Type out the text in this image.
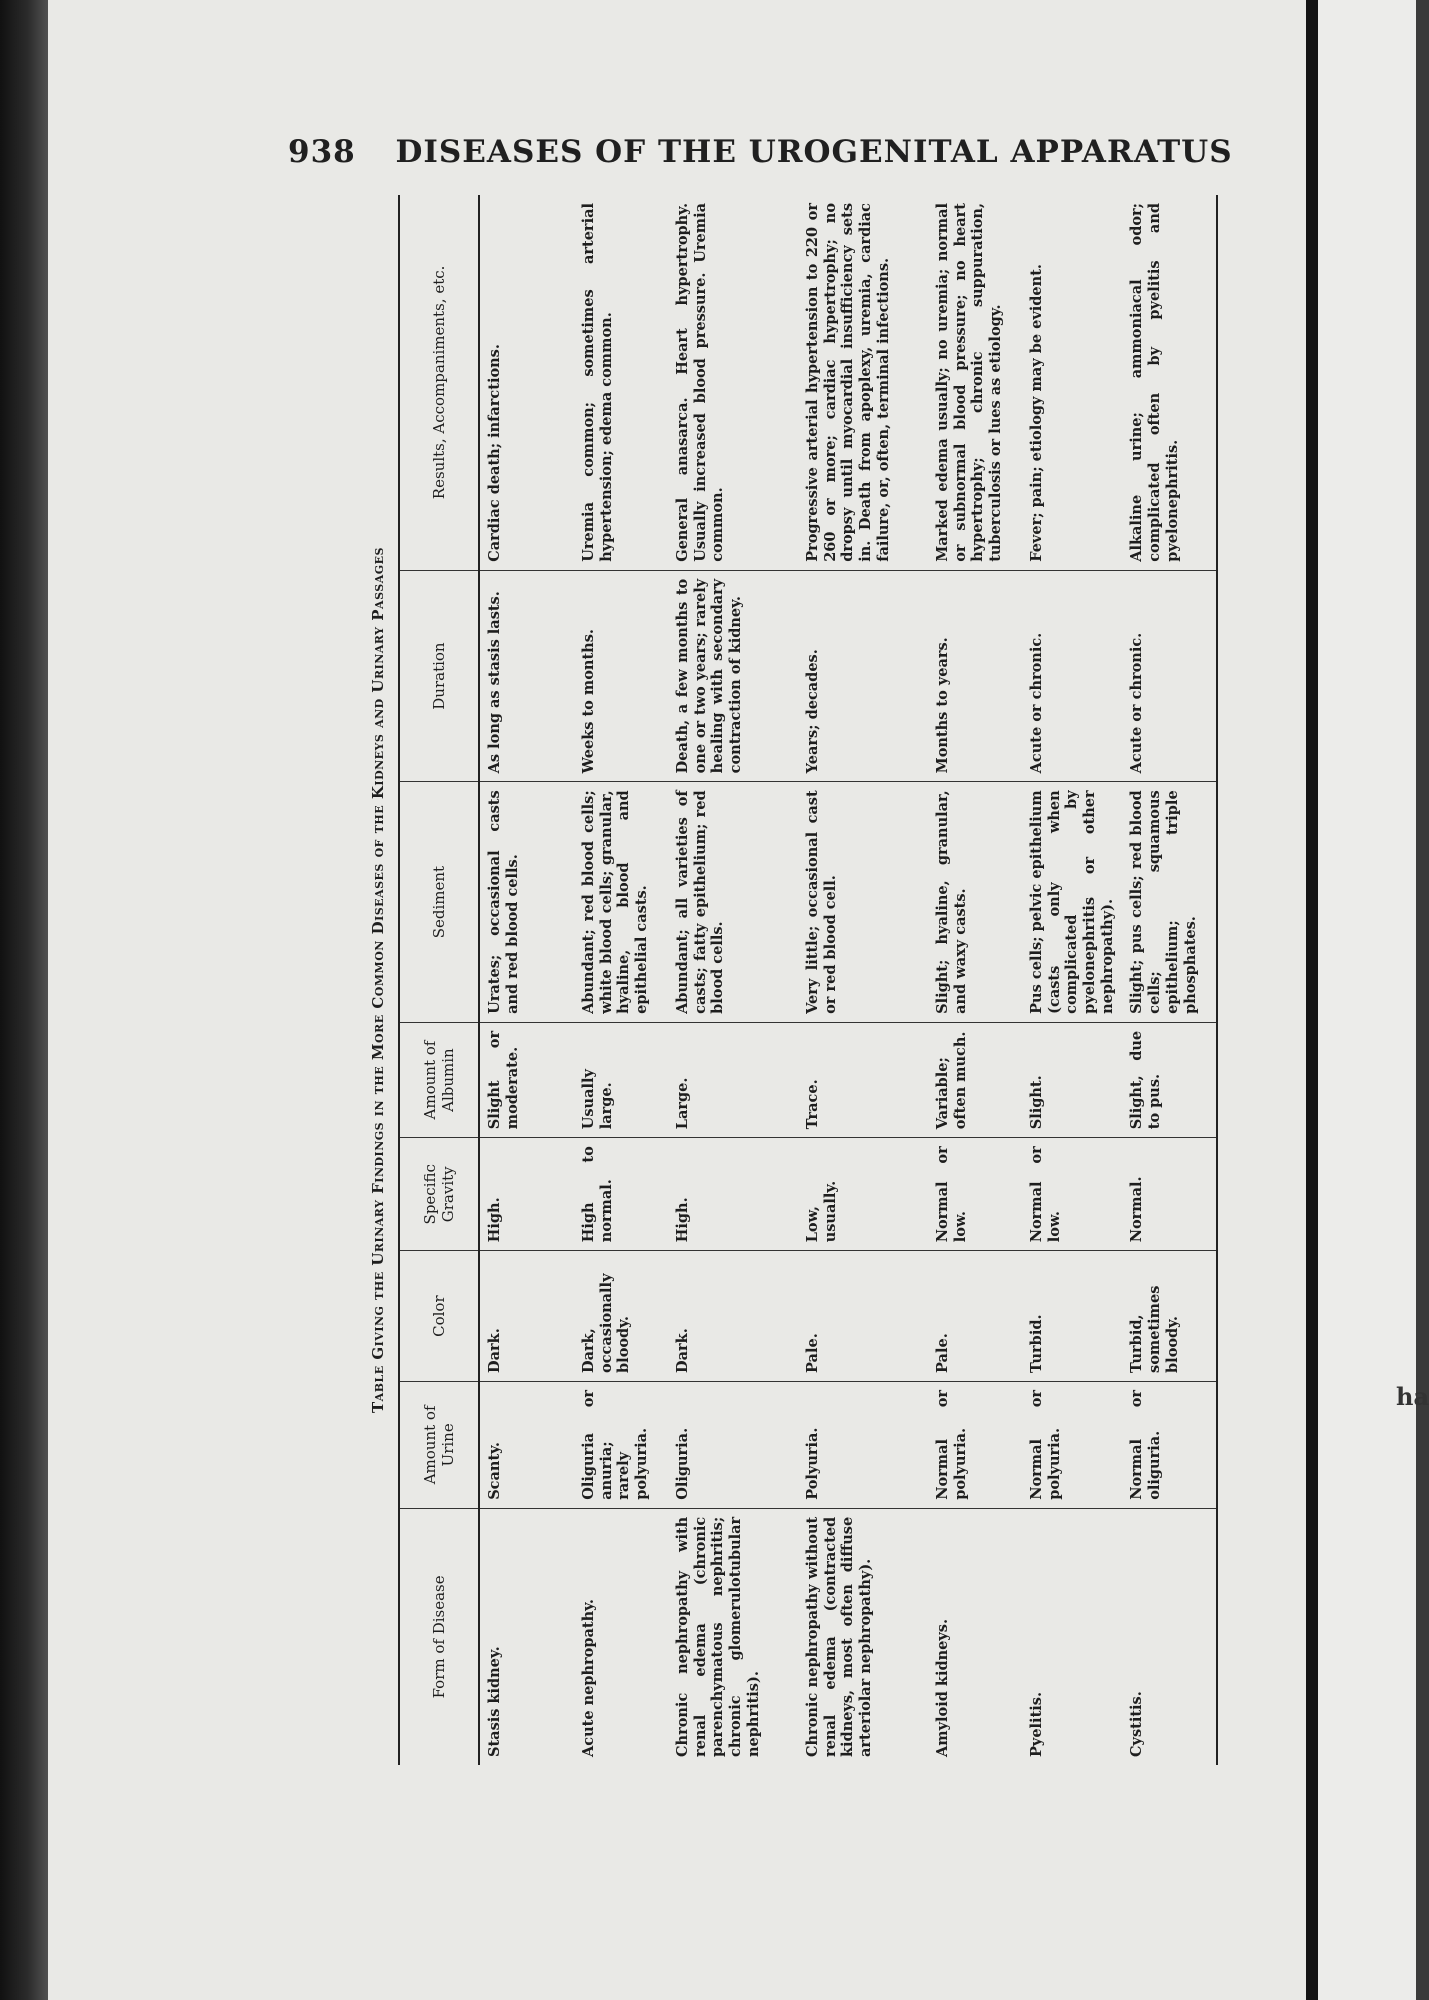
ha
938 DISEASES OF THE UROGENITAL APPARATUS
Table Giving the Urinary Findings in the More Common Diseases of the Kidneys and Urinary Passages
Form of Disease	Amount of Urine	Color	Specific Gravity	Amount of Albumin	Sediment	Duration	Results, Accompaniments, etc.
Stasis kidney.	Scanty.	Dark.	High.	Slight or moderate.	Urates; occasional casts and red blood cells.	As long as stasis lasts.	Cardiac death; infarctions.
Acute nephropathy.	Oliguria or anuria; rarely polyuria.	Dark, occasionally bloody.	High to normal.	Usually large.	Abundant; red blood cells; white blood cells; granular, hyaline, blood and epithelial casts.	Weeks to months.	Uremia common; sometimes arterial hypertension; edema common.
Chronic nephropathy with renal edema (chronic parenchymatous nephritis; chronic glomerulotubular nephritis).	Oliguria.	Dark.	High.	Large.	Abundant; all varieties of casts; fatty epithelium; red blood cells.	Death, a few months to one or two years; rarely healing with secondary contraction of kidney.	General anasarca. Heart hypertrophy. Usually increased blood pressure. Uremia common.
Chronic nephropathy without renal edema (contracted kidneys, most often diffuse arteriolar nephropathy).	Polyuria.	Pale.	Low, usually.	Trace.	Very little; occasional cast or red blood cell.	Years; decades.	Progressive arterial hypertension to 220 or 260 or more; cardiac hypertrophy; no dropsy until myocardial insufficiency sets in. Death from apoplexy, uremia, cardiac failure, or, often, terminal infections.
Amyloid kidneys.	Normal or polyuria.	Pale.	Normal or low.	Variable; often much.	Slight; hyaline, granular, and waxy casts.	Months to years.	Marked edema usually; no uremia; normal or subnormal blood pressure; no heart hypertrophy; chronic suppuration, tuberculosis or lues as etiology.
Pyelitis.	Normal or polyuria.	Turbid.	Normal or low.	Slight.	Pus cells; pelvic epithelium (casts only when complicated by pyelonephritis or other nephropathy).	Acute or chronic.	Fever; pain; etiology may be evident.
Cystitis.	Normal or oliguria.	Turbid, sometimes bloody.	Normal.	Slight, due to pus.	Slight; pus cells; red blood cells; squamous epithelium; triple phosphates.	Acute or chronic.	Alkaline urine; ammoniacal odor; complicated often by pyelitis and pyelonephritis.
